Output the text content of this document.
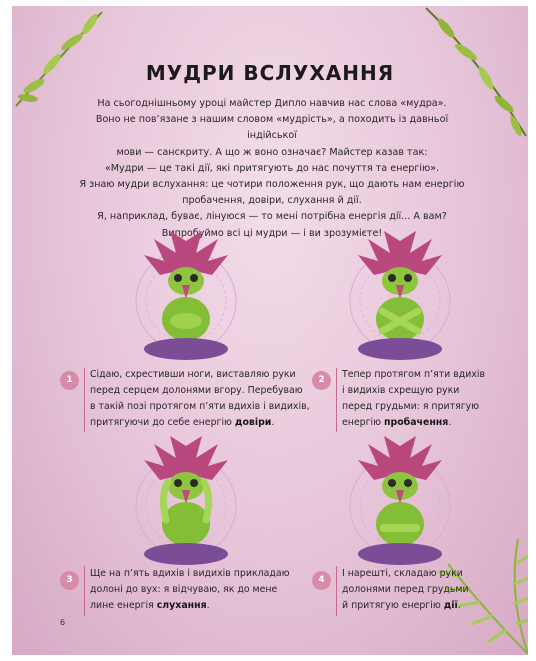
МУДРИ ВСЛУХАННЯ

На сьогоднішньому уроці майстер Дипло навчив нас слова «мудра».

Воно не пов’язане з нашим словом «мудрість», а походить із давньої індійської

мови — санскриту. А що ж воно означає? Майстер казав так:

«Мудри — це такі дії, які притягують до нас почуття та енергію».

Я знаю мудри вслухання: це чотири положення рук, що дають нам енергію

пробачення, довіри, слухання й дії.

Я, наприклад, буває, лінуюся — то мені потрібна енергія дії... А вам?

Випробуймо всі ці мудри — і ви зрозумієте!

1	Сідаю, схрестивши ноги, виставляю руки
перед серцем долонями вгору. Перебуваю
в такій позі протягом п’яти вдихів і видихів,
притягуючи до себе енергію довіри.
2	Тепер протягом п’яти вдихів
і видихів схрещую руки
перед грудьми: я притягую
енергію пробачення.
3
Ще на п’ять вдихів і видихів прикладаю
долоні до вух: я відчуваю, як до мене
лине енергія слухання.
4
І нарешті, складаю руки
долонями перед грудьми
й притягую енергію дії.
6
